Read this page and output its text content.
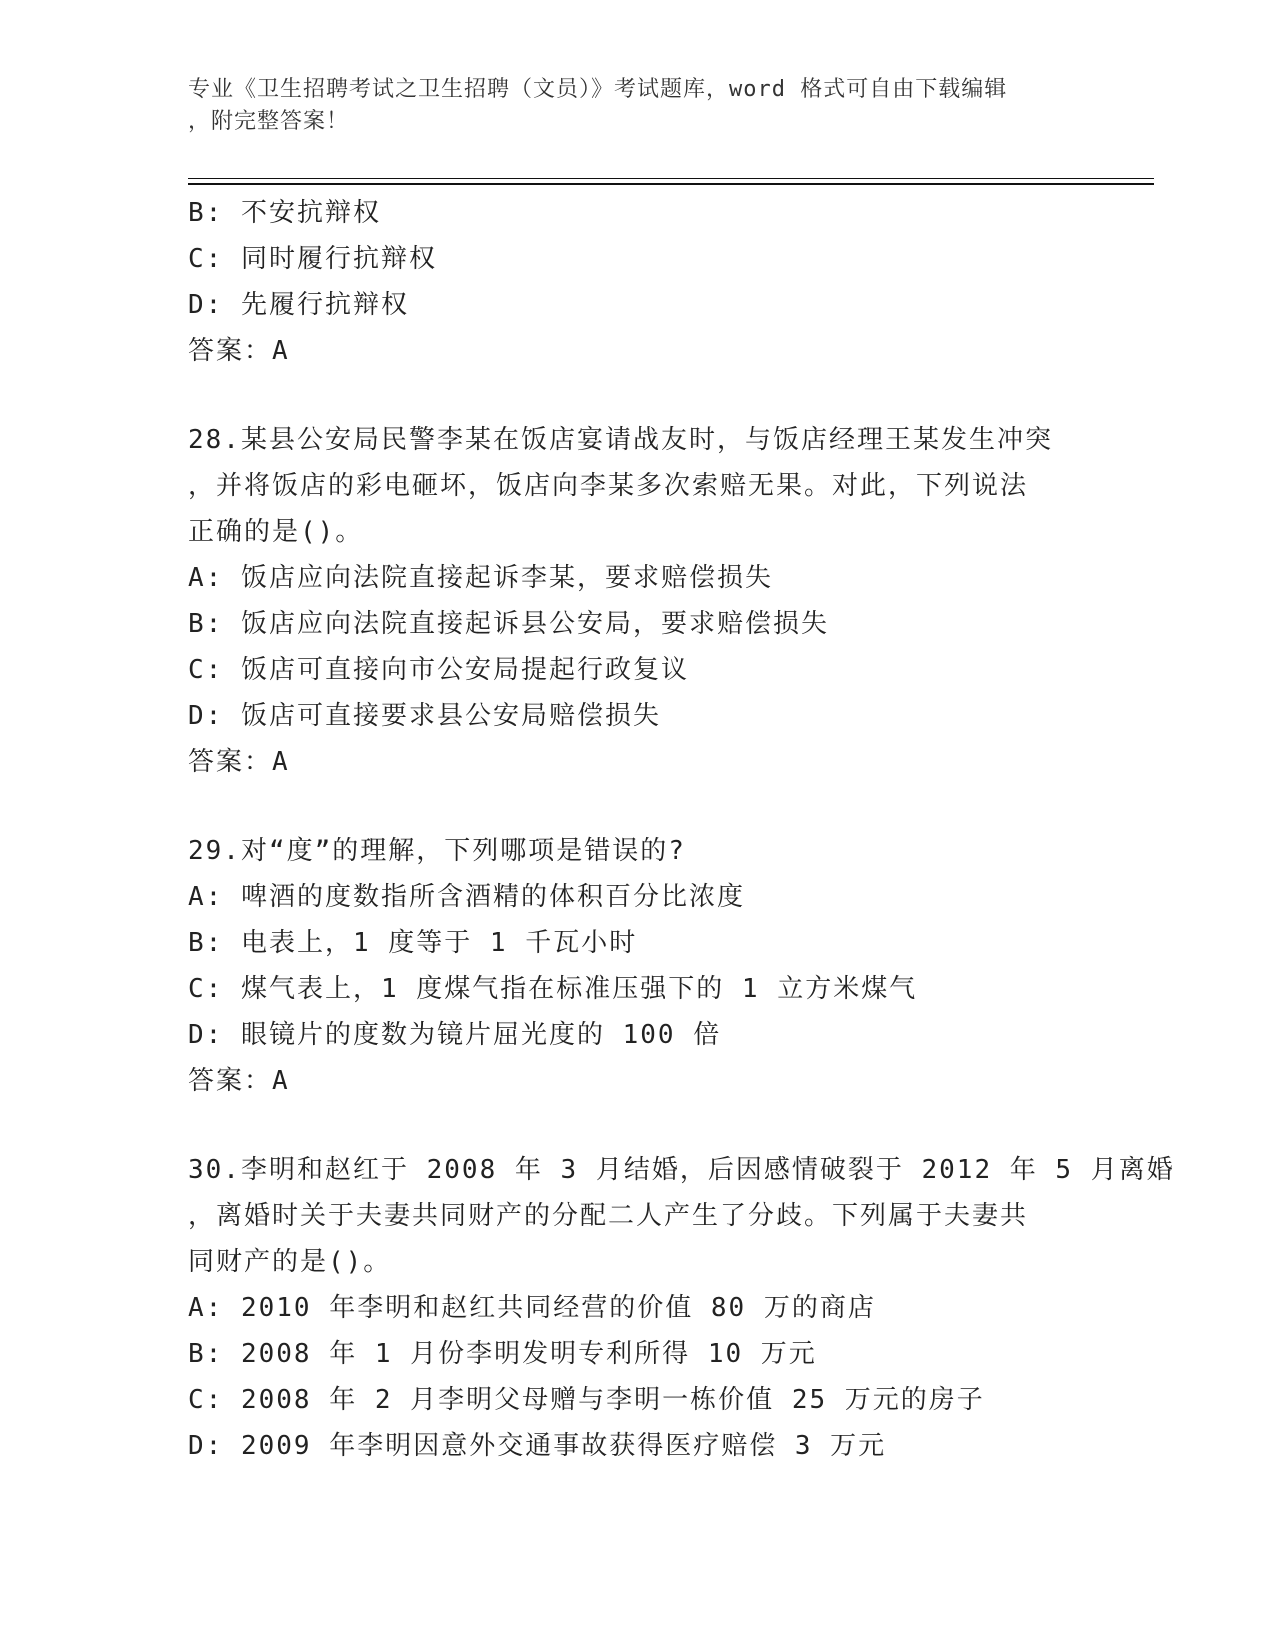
专业《卫生招聘考试之卫生招聘（文员）》考试题库，word 格式可自由下载编辑
，附完整答案！
B: 不安抗辩权
C: 同时履行抗辩权
D: 先履行抗辩权
答案：A
28.某县公安局民警李某在饭店宴请战友时，与饭店经理王某发生冲突
，并将饭店的彩电砸坏，饭店向李某多次索赔无果。对此，下列说法
正确的是()。
A: 饭店应向法院直接起诉李某，要求赔偿损失
B: 饭店应向法院直接起诉县公安局，要求赔偿损失
C: 饭店可直接向市公安局提起行政复议
D: 饭店可直接要求县公安局赔偿损失
答案：A
29.对“度”的理解，下列哪项是错误的?
A: 啤酒的度数指所含酒精的体积百分比浓度
B: 电表上，1 度等于 1 千瓦小时
C: 煤气表上，1 度煤气指在标准压强下的 1 立方米煤气
D: 眼镜片的度数为镜片屈光度的 100 倍
答案：A
30.李明和赵红于 2008 年 3 月结婚，后因感情破裂于 2012 年 5 月离婚
，离婚时关于夫妻共同财产的分配二人产生了分歧。下列属于夫妻共
同财产的是()。
A: 2010 年李明和赵红共同经营的价值 80 万的商店
B: 2008 年 1 月份李明发明专利所得 10 万元
C: 2008 年 2 月李明父母赠与李明一栋价值 25 万元的房子
D: 2009 年李明因意外交通事故获得医疗赔偿 3 万元
